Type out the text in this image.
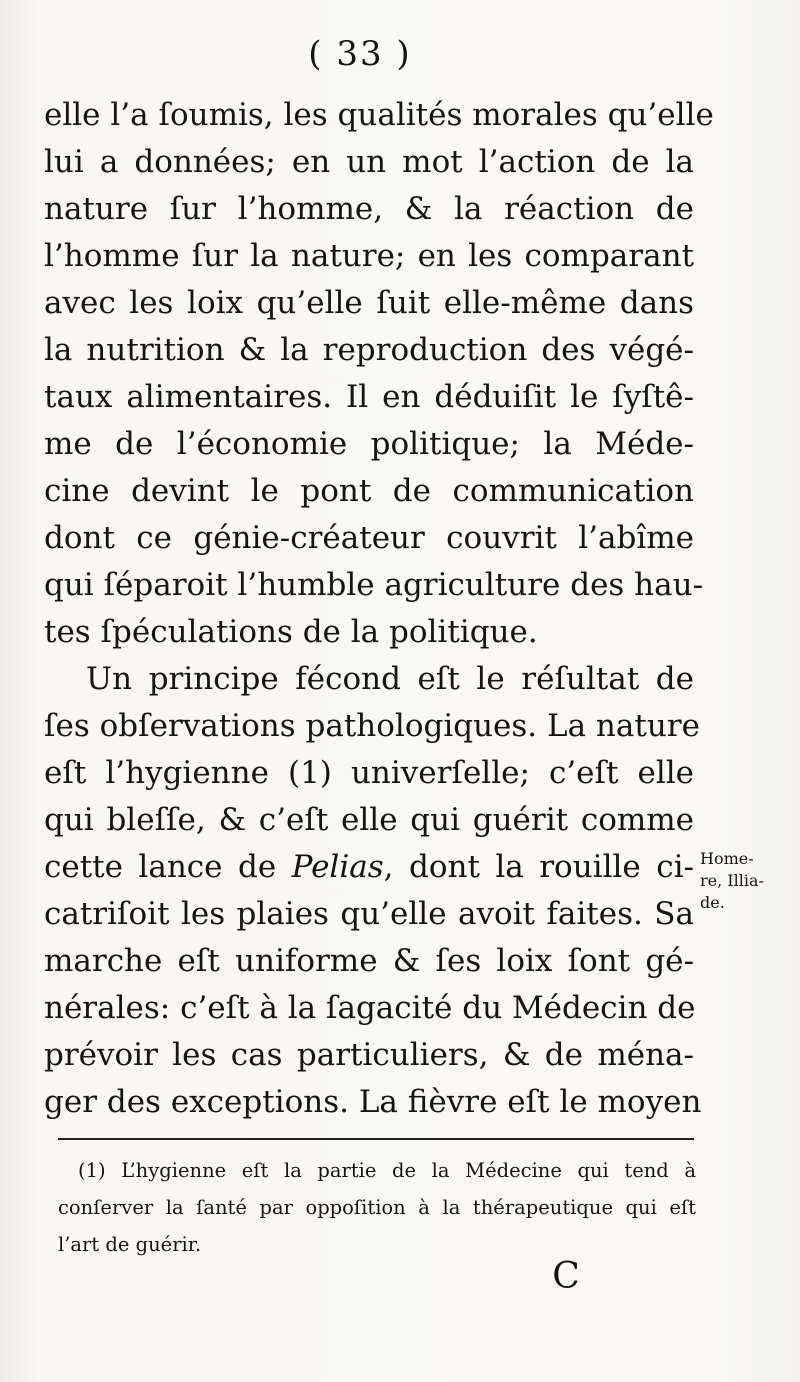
( 33 )
elle l’a ſoumis, les qualités morales qu’elle
lui a données; en un mot l’action de la
nature ſur l’homme, & la réaction de
l’homme ſur la nature; en les comparant
avec les loix qu’elle ſuit elle-même dans
la nutrition & la reproduction des végé-
taux alimentaires. Il en déduiſit le ſyſtê-
me de l’économie politique; la Méde-
cine devint le pont de communication
dont ce génie-créateur couvrit l’abîme
qui ſéparoit l’humble agriculture des hau-
tes ſpéculations de la politique.
Un principe fécond eſt le réſultat de
ſes obſervations pathologiques. La nature
eſt l’hygienne (1) univerſelle; c’eſt elle
qui bleſſe, & c’eſt elle qui guérit comme
cette lance de Pelias, dont la rouille ci-
catriſoit les plaies qu’elle avoit faites. Sa
marche eſt uniforme & ſes loix ſont gé-
nérales: c’eſt à la ſagacité du Médecin de
prévoir les cas particuliers, & de ména-
ger des exceptions. La fièvre eſt le moyen
Home-
re, Illia-
de.
(1) L’hygienne eſt la partie de la Médecine qui tend à
conſerver la ſanté par oppoſition à la thérapeutique qui eſt
l’art de guérir.
C
